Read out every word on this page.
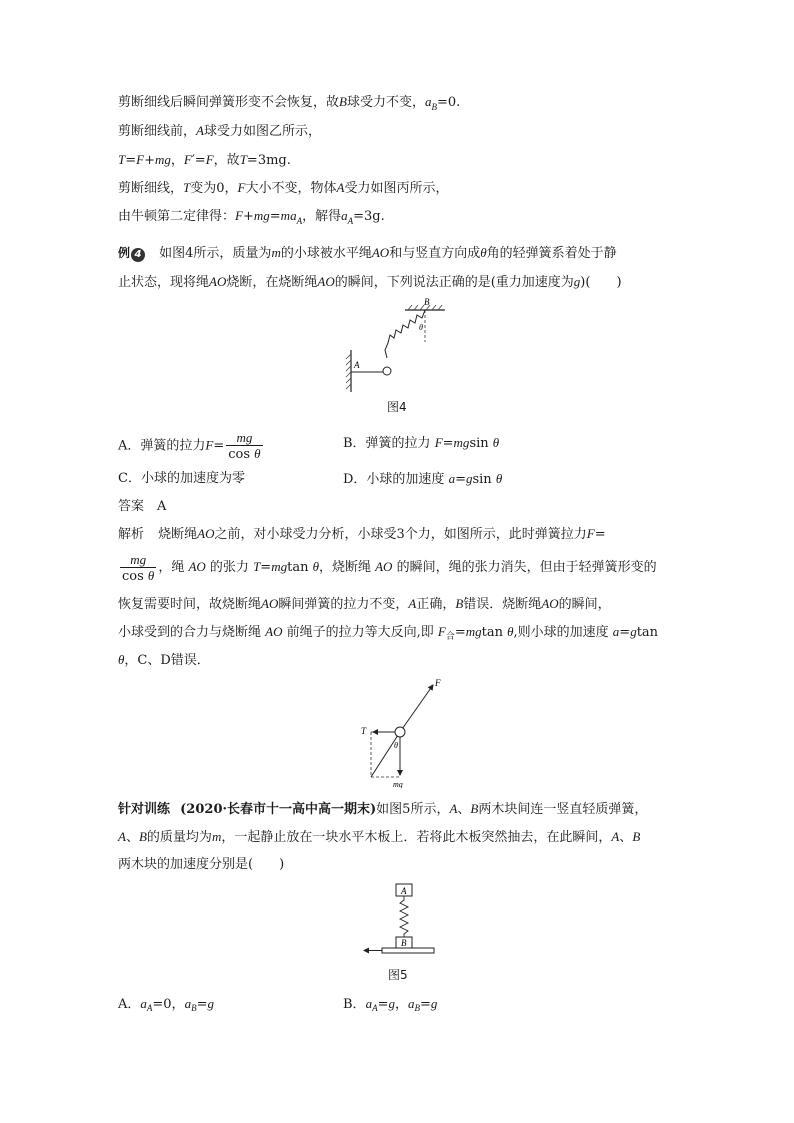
剪断细线后瞬间弹簧形变不会恢复，故B球受力不变，$a_B=0$.
剪断细线前，A球受力如图乙所示，
T=F+mg，F′=F，故T=3mg.
剪断细线，T变为0，F大小不变，物体A受力如图丙所示，
由牛顿第二定律得：$F+mg=ma_A$，解得$a_A=3g$.
例 4 如图4所示，质量为m的小球被水平绳AO和与竖直方向成θ角的轻弹簧系着处于静
止状态，现将绳AO烧断，在烧断绳AO的瞬间，下列说法正确的是(重力加速度为g)(　　)
A
B
θ
图4
A．弹簧的拉力$F= \frac{mg}{\text{cos θ}}$	B．弹簧的拉力 F=mgsin θ
C．小球的加速度为零	D．小球的加速度 a=gsin θ
答案　A
解析 烧断绳AO之前，对小球受力分析，小球受3个力，如图所示，此时弹簧拉力F=
$\frac{mg}{\text{cos θ}}$ ，绳 AO 的张力 T=mgtan θ，烧断绳 AO 的瞬间，绳的张力消失，但由于轻弹簧形变的
恢复需要时间，故烧断绳AO瞬间弹簧的拉力不变，A正确，B错误．烧断绳AO的瞬间，
小球受到的合力与烧断绳 AO 前绳子的拉力等大反向,即 $F_合=mgtan$ θ,则小球的加速度 a=gtan
θ，C、D错误．
F
T
θ
mg
针对训练 (2020·长春市十一高中高一期末)如图5所示，A、B两木块间连一竖直轻质弹簧，
A、B的质量均为m，一起静止放在一块水平木板上．若将此木板突然抽去，在此瞬间，A、B
两木块的加速度分别是(　　)
A
B
图5
A．$a_A=0$，$a_B=g$	B．$a_A=g$，$a_B=g$
